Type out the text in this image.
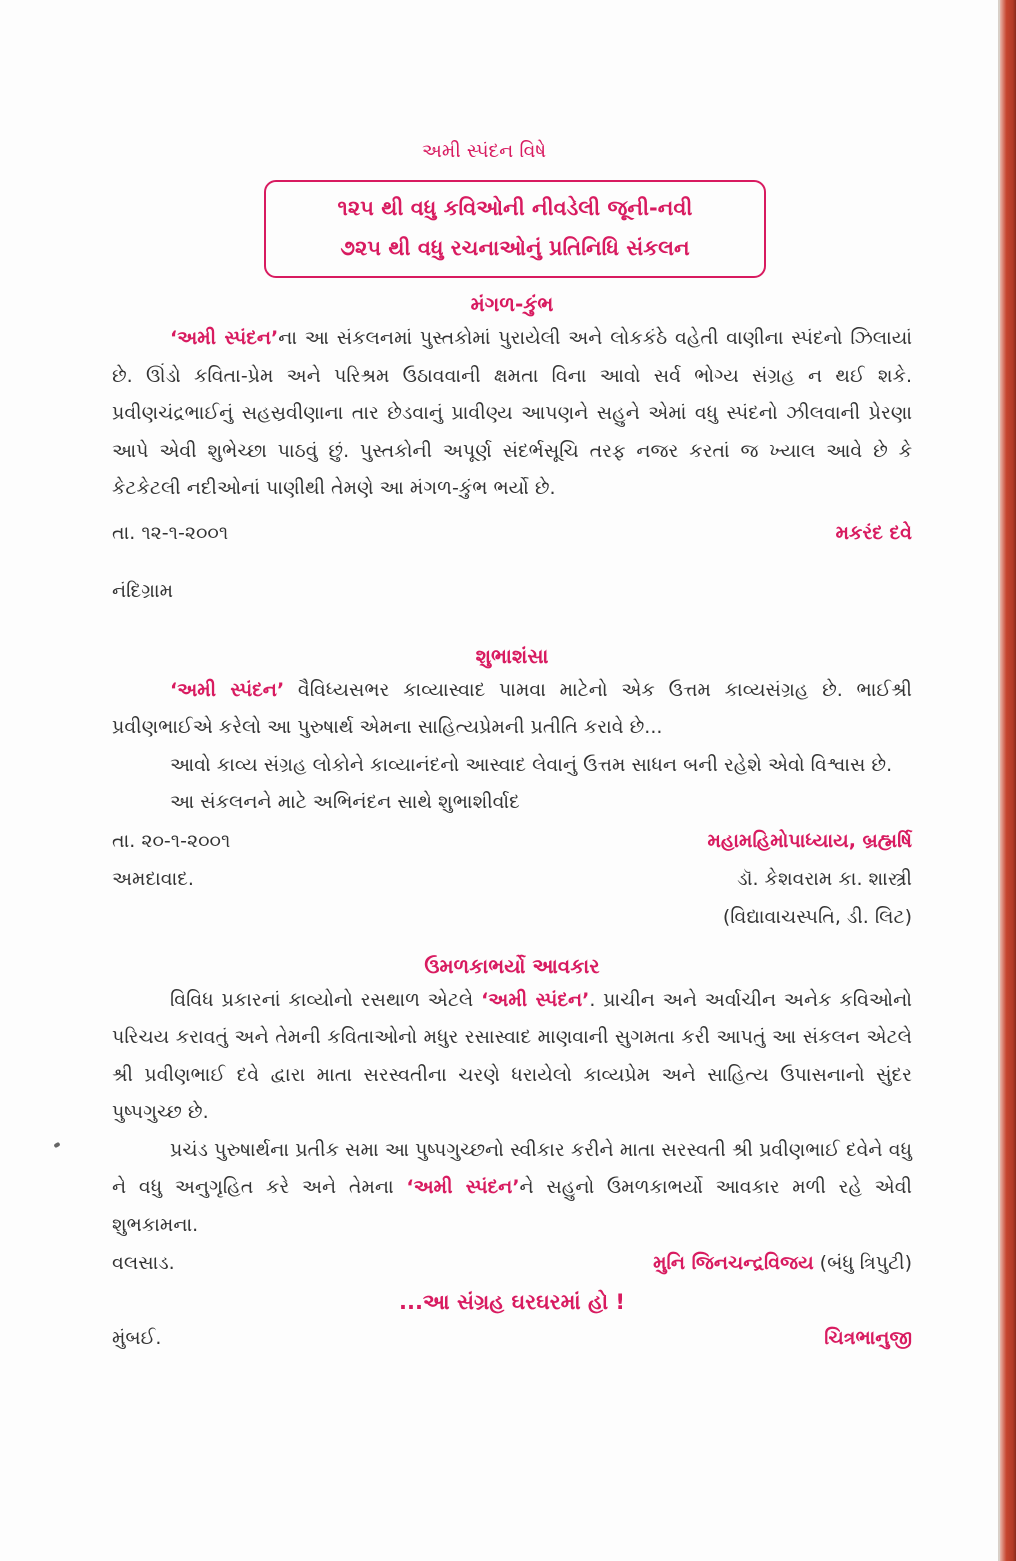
અમી સ્પંદન વિષે
૧૨૫ થી વધુ કવિઓની નીવડેલી જૂની-નવી
૭૨૫ થી વધુ રચનાઓનું પ્રતિનિધિ સંકલન
મંગળ-કુંભ

‘અમી સ્પંદન’ના આ સંકલનમાં પુસ્તકોમાં પુરાયેલી અને લોકકંઠે વહેતી વાણીના સ્પંદનો ઝિલાયાં છે. ઊંડો કવિતા-પ્રેમ અને પરિશ્રમ ઉઠાવવાની ક્ષમતા વિના આવો સર્વ ભોગ્ય સંગ્રહ ન થઈ શકે. પ્રવીણચંદ્રભાઈનું સહસ્રવીણાના તાર છેડવાનું પ્રાવીણ્ય આપણને સહુને એમાં વધુ સ્પંદનો ઝીલવાની પ્રેરણા આપે એવી શુભેચ્છા પાઠવું છું. પુસ્તકોની અપૂર્ણ સંદર્ભસૂચિ તરફ નજર કરતાં જ ખ્યાલ આવે છે કે કેટકેટલી નદીઓનાં પાણીથી તેમણે આ મંગળ-કુંભ ભર્યો છે.

તા. ૧૨-૧-૨૦૦૧	મકરંદ દવે
નંદિગ્રામ
શુભાશંસા

‘અમી સ્પંદન’ વૈવિધ્યસભર કાવ્યાસ્વાદ પામવા માટેનો એક ઉત્તમ કાવ્યસંગ્રહ છે. ભાઈશ્રી પ્રવીણભાઈએ કરેલો આ પુરુષાર્થ એમના સાહિત્યપ્રેમની પ્રતીતિ કરાવે છે...

આવો કાવ્ય સંગ્રહ લોકોને કાવ્યાનંદનો આસ્વાદ લેવાનું ઉત્તમ સાધન બની રહેશે એવો વિશ્વાસ છે.

આ સંકલનને માટે અભિનંદન સાથે શુભાશીર્વાદ

તા. ૨૦-૧-૨૦૦૧	મહામહિમોપાધ્યાય, બ્રહ્મર્ષિ
અમદાવાદ.	ડૉ. કેશવરામ કા. શાસ્ત્રી
(વિદ્યાવાચસ્પતિ, ડી. લિટ)
ઉમળકાભર્યો આવકાર

વિવિધ પ્રકારનાં કાવ્યોનો રસથાળ એટલે ‘અમી સ્પંદન’. પ્રાચીન અને અર્વાચીન અનેક કવિઓનો પરિચય કરાવતું અને તેમની કવિતાઓનો મધુર રસાસ્વાદ માણવાની સુગમતા કરી આપતું આ સંકલન એટલે શ્રી પ્રવીણભાઈ દવે દ્વારા માતા સરસ્વતીના ચરણે ધરાયેલો કાવ્યપ્રેમ અને સાહિત્ય ઉપાસનાનો સુંદર પુષ્પગુચ્છ છે.

પ્રચંડ પુરુષાર્થના પ્રતીક સમા આ પુષ્પગુચ્છનો સ્વીકાર કરીને માતા સરસ્વતી શ્રી પ્રવીણભાઈ દવેને વધુ ને વધુ અનુગૃહિત કરે અને તેમના ‘અમી સ્પંદન’ને સહુનો ઉમળકાભર્યો આવકાર મળી રહે એવી શુભકામના.

વલસાડ.	મુનિ જિનચન્દ્રવિજય (બંધુ ત્રિપુટી)
...આ સંગ્રહ ઘરઘરમાં હો !
મુંબઈ.	ચિત્રભાનુજી
